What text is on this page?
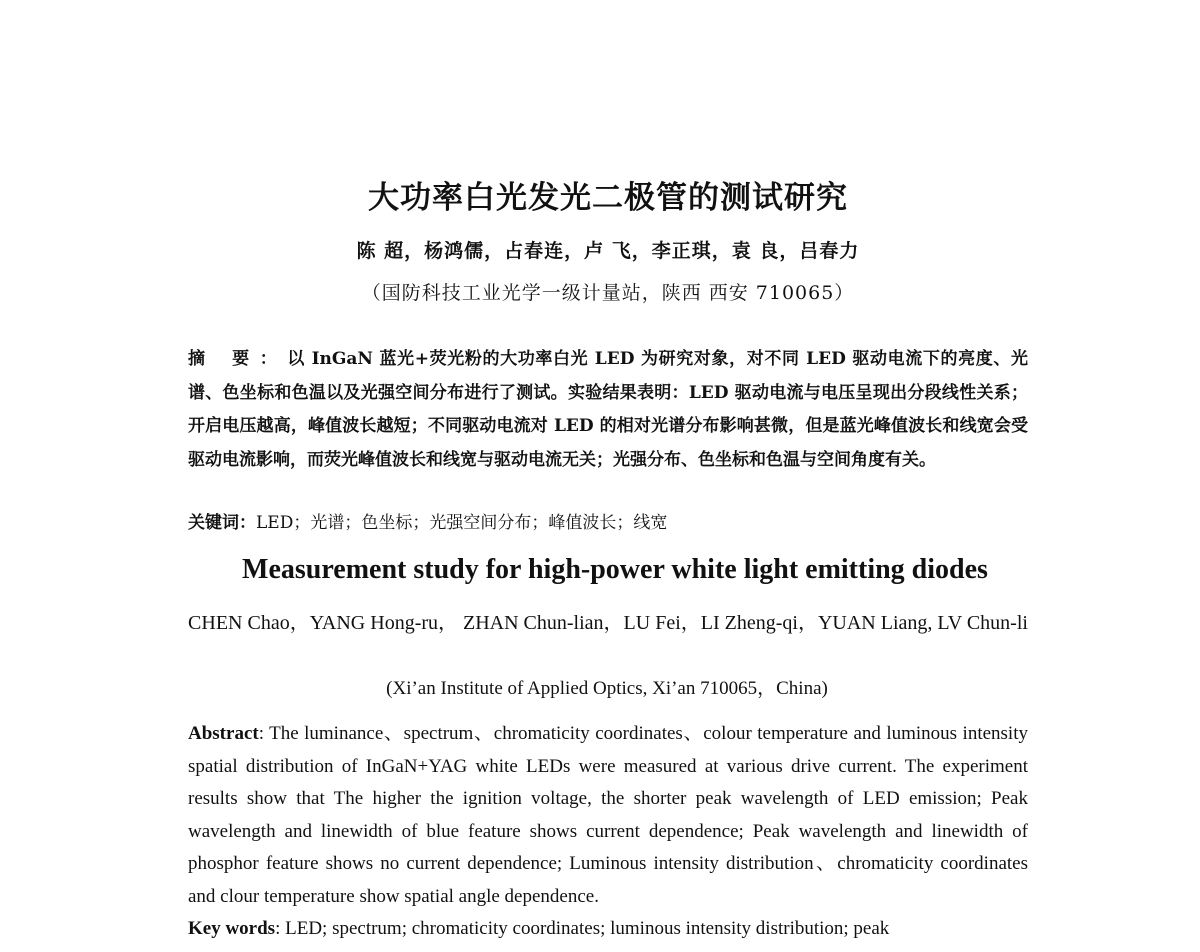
大功率白光发光二极管的测试研究
陈 超，杨鸿儒，占春连，卢 飞，李正琪，袁 良，吕春力
（国防科技工业光学一级计量站，陕西 西安 710065）
摘 要：以 InGaN 蓝光+荧光粉的大功率白光 LED 为研究对象，对不同 LED 驱动电流下的亮度、光谱、色坐标和色温以及光强空间分布进行了测试。实验结果表明：LED 驱动电流与电压呈现出分段线性关系；开启电压越高，峰值波长越短；不同驱动电流对 LED 的相对光谱分布影响甚微，但是蓝光峰值波长和线宽会受驱动电流影响，而荧光峰值波长和线宽与驱动电流无关；光强分布、色坐标和色温与空间角度有关。
关键词：LED；光谱；色坐标；光强空间分布；峰值波长；线宽
Measurement study for high-power white light emitting diodes
CHEN Chao，YANG Hong-ru， ZHAN Chun-lian，LU Fei，LI Zheng-qi，YUAN Liang, LV Chun-li
(Xi’an Institute of Applied Optics, Xi’an 710065，China)
Abstract: The luminance、spectrum、chromaticity coordinates、colour temperature and luminous intensity spatial distribution of InGaN+YAG white LEDs were measured at various drive current. The experiment results show that The higher the ignition voltage, the shorter peak wavelength of LED emission; Peak wavelength and linewidth of blue feature shows current dependence; Peak wavelength and linewidth of phosphor feature shows no current dependence; Luminous intensity distribution、chromaticity coordinates and clour temperature show spatial angle dependence.
Key words: LED; spectrum; chromaticity coordinates; luminous intensity distribution; peak
